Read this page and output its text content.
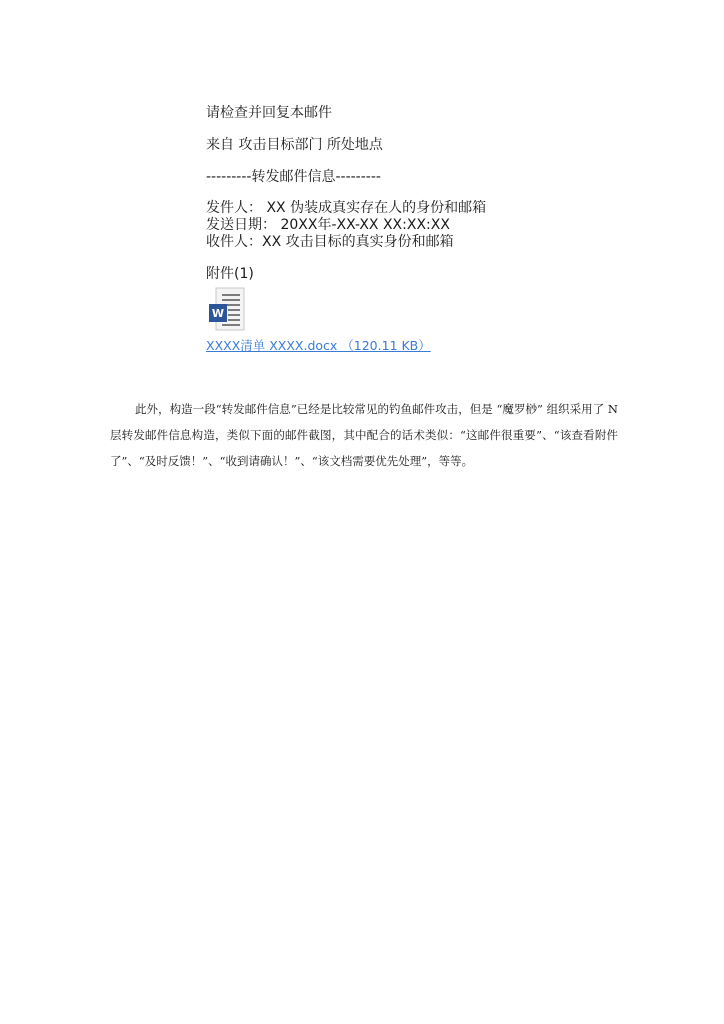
请检查并回复本邮件
来自 攻击目标部门 所处地点
---------转发邮件信息---------
发件人： XX 伪装成真实存在人的身份和邮箱
发送日期： 20XX年-XX-XX XX:XX:XX
收件人：XX 攻击目标的真实身份和邮箱
附件(1)
W
XXXX清单 XXXX.docx （120.11 KB）
此外，构造一段“转发邮件信息”已经是比较常见的钓鱼邮件攻击，但是 “魔罗桫” 组织采用了 N 层转发邮件信息构造，类似下面的邮件截图，其中配合的话术类似：“这邮件很重要”、“该查看附件了”、“及时反馈！”、“收到请确认！”、“该文档需要优先处理”，等等。
